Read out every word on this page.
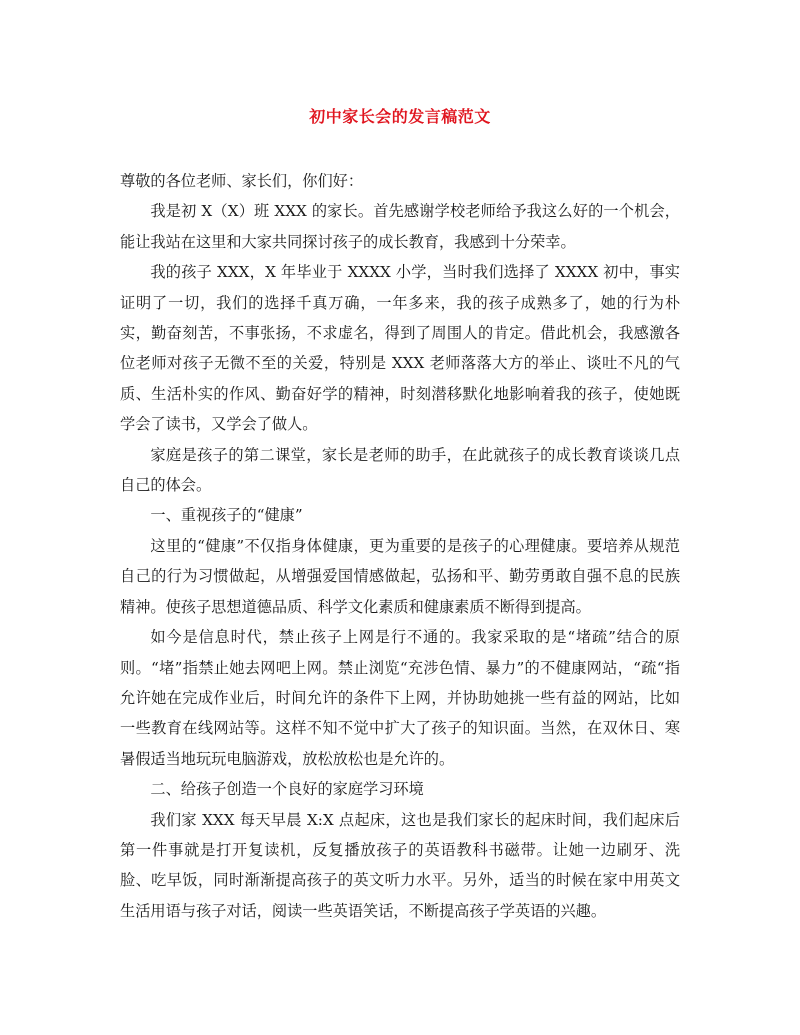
初中家长会的发言稿范文

尊敬的各位老师、家长们，你们好：

我是初 X（X）班 XXX 的家长。首先感谢学校老师给予我这么好的一个机会，能让我站在这里和大家共同探讨孩子的成长教育，我感到十分荣幸。

我的孩子 XXX，X 年毕业于 XXXX 小学，当时我们选择了 XXXX 初中，事实证明了一切，我们的选择千真万确，一年多来，我的孩子成熟多了，她的行为朴实，勤奋刻苦，不事张扬，不求虚名，得到了周围人的肯定。借此机会，我感激各位老师对孩子无微不至的关爱，特别是 XXX 老师落落大方的举止、谈吐不凡的气质、生活朴实的作风、勤奋好学的精神，时刻潜移默化地影响着我的孩子，使她既学会了读书，又学会了做人。

家庭是孩子的第二课堂，家长是老师的助手，在此就孩子的成长教育谈谈几点自己的体会。

一、重视孩子的“健康”

这里的“健康”不仅指身体健康，更为重要的是孩子的心理健康。要培养从规范自己的行为习惯做起，从增强爱国情感做起，弘扬和平、勤劳勇敢自强不息的民族精神。使孩子思想道德品质、科学文化素质和健康素质不断得到提高。

如今是信息时代，禁止孩子上网是行不通的。我家采取的是“堵疏”结合的原则。“堵”指禁止她去网吧上网。禁止浏览“充涉色情、暴力”的不健康网站，“疏“指允许她在完成作业后，时间允许的条件下上网，并协助她挑一些有益的网站，比如一些教育在线网站等。这样不知不觉中扩大了孩子的知识面。当然，在双休日、寒暑假适当地玩玩电脑游戏，放松放松也是允许的。

二、给孩子创造一个良好的家庭学习环境

我们家 XXX 每天早晨 X:X 点起床，这也是我们家长的起床时间，我们起床后第一件事就是打开复读机，反复播放孩子的英语教科书磁带。让她一边刷牙、洗脸、吃早饭，同时渐渐提高孩子的英文听力水平。另外，适当的时候在家中用英文生活用语与孩子对话，阅读一些英语笑话，不断提高孩子学英语的兴趣。
